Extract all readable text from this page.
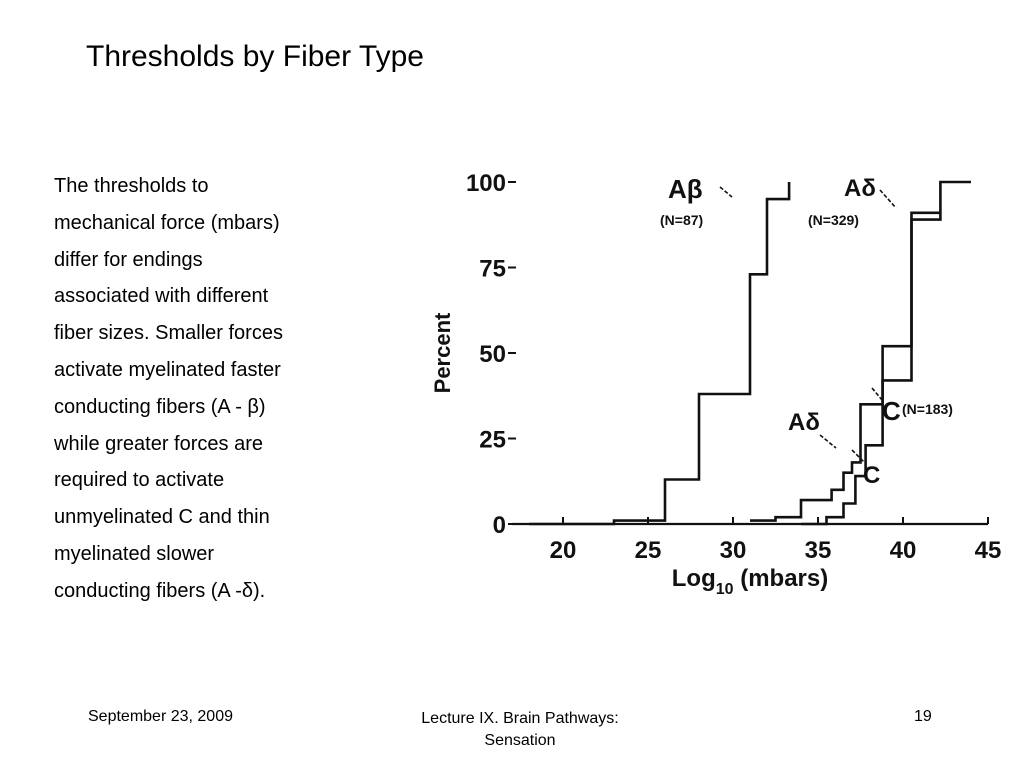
Thresholds by Fiber Type

The thresholds to

mechanical force (mbars)

differ for endings

associated with different

fiber sizes. Smaller forces

activate myelinated faster

conducting fibers (A - β)

while greater forces are

required to activate

unmyelinated C and thin

myelinated slower

conducting fibers (A -δ).

20 25 30 35 40 45
Log$_{10}$ (mbars)
0
25
50
75
100
Percent
Aβ
(N=87)
Aδ
(N=329)
C (N=183)
Aδ
C
September 23, 2009	Lecture IX. Brain Pathways:
Sensation
19
